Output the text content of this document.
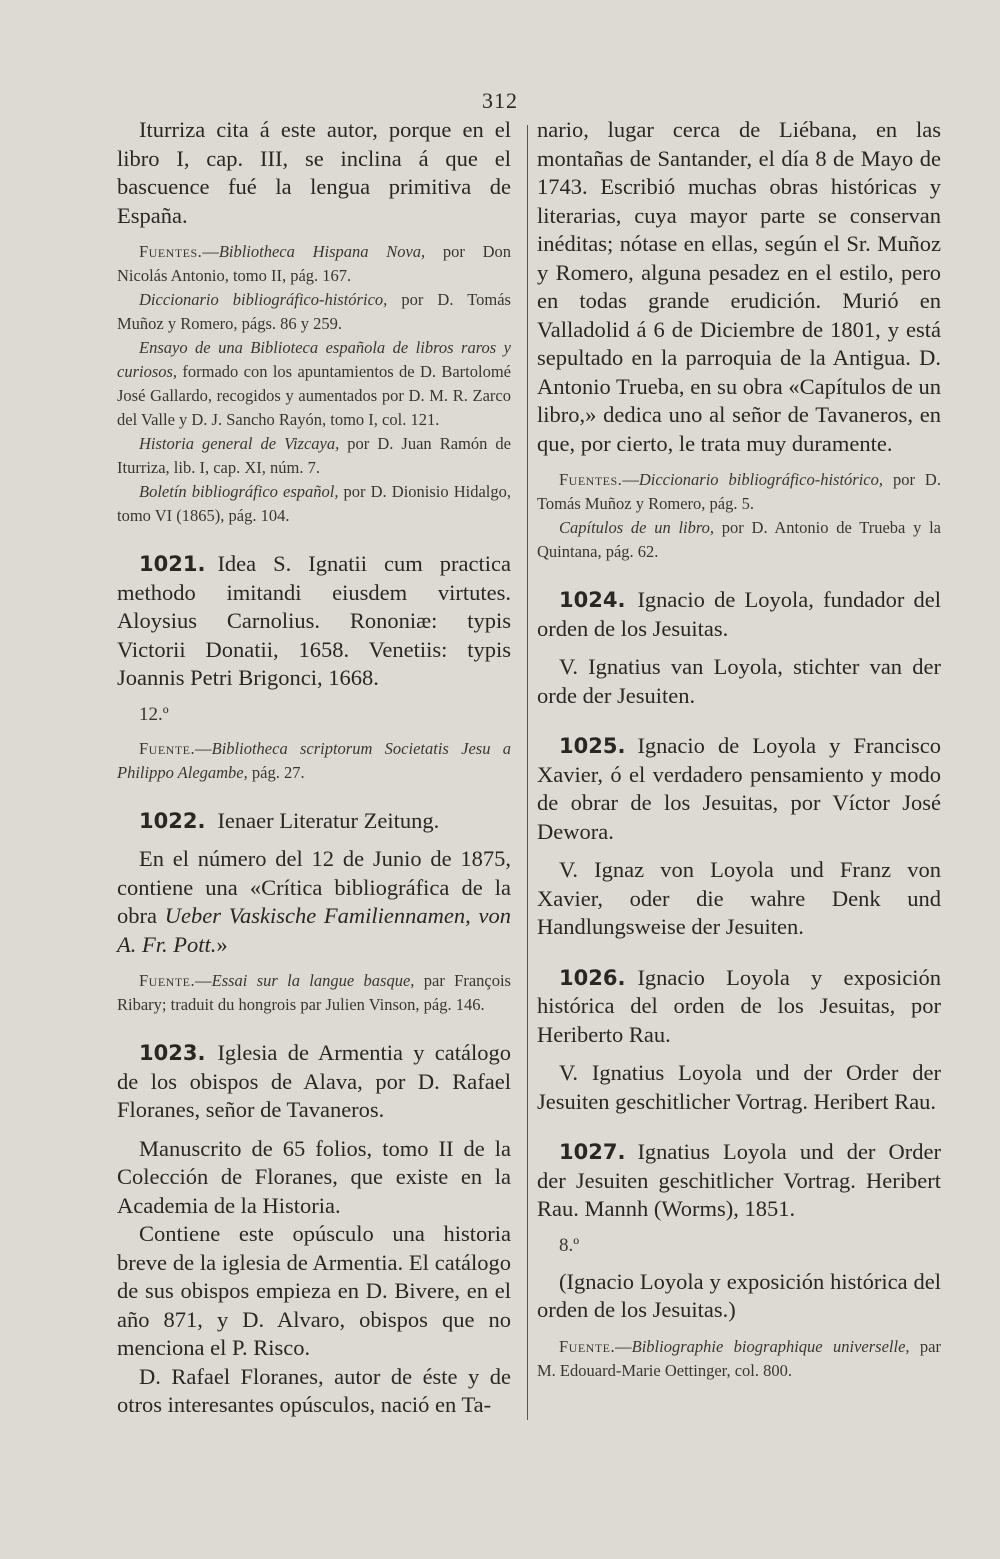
312

Iturriza cita á este autor, porque en el libro I, cap. III, se inclina á que el bascuence fué la lengua primitiva de España.

Fuentes.—Bibliotheca Hispana Nova, por Don Nicolás Antonio, tomo II, pág. 167.

Diccionario bibliográfico-histórico, por D. Tomás Muñoz y Romero, págs. 86 y 259.

Ensayo de una Biblioteca española de libros raros y curiosos, formado con los apuntamientos de D. Bartolomé José Gallardo, recogidos y aumentados por D. M. R. Zarco del Valle y D. J. Sancho Rayón, tomo I, col. 121.

Historia general de Vizcaya, por D. Juan Ramón de Iturriza, lib. I, cap. XI, núm. 7.

Boletín bibliográfico español, por D. Dionisio Hidalgo, tomo VI (1865), pág. 104.

1021. Idea S. Ignatii cum practica methodo imitandi eiusdem virtutes. Aloysius Carnolius. Rononiæ: typis Victorii Donatii, 1658. Venetiis: typis Joannis Petri Brigonci, 1668.

12.º

Fuente.—Bibliotheca scriptorum Societatis Jesu a Philippo Alegambe, pág. 27.

1022. Ienaer Literatur Zeitung.

En el número del 12 de Junio de 1875, contiene una «Crítica bibliográfica de la obra Ueber Vaskische Familiennamen, von A. Fr. Pott.»

Fuente.—Essai sur la langue basque, par François Ribary; traduit du hongrois par Julien Vinson, pág. 146.

1023. Iglesia de Armentia y catálogo de los obispos de Alava, por D. Rafael Floranes, señor de Tavaneros.

Manuscrito de 65 folios, tomo II de la Colección de Floranes, que existe en la Academia de la Historia.

Contiene este opúsculo una historia breve de la iglesia de Armentia. El catálogo de sus obispos empieza en D. Bivere, en el año 871, y D. Alvaro, obispos que no menciona el P. Risco.

D. Rafael Floranes, autor de éste y de otros interesantes opúsculos, nació en Ta-

nario, lugar cerca de Liébana, en las montañas de Santander, el día 8 de Mayo de 1743. Escribió muchas obras históricas y literarias, cuya mayor parte se conservan inéditas; nótase en ellas, según el Sr. Muñoz y Romero, alguna pesadez en el estilo, pero en todas grande erudición. Murió en Valladolid á 6 de Diciembre de 1801, y está sepultado en la parroquia de la Antigua. D. Antonio Trueba, en su obra «Capítulos de un libro,» dedica uno al señor de Tavaneros, en que, por cierto, le trata muy duramente.

Fuentes.—Diccionario bibliográfico-histórico, por D. Tomás Muñoz y Romero, pág. 5.

Capítulos de un libro, por D. Antonio de Trueba y la Quintana, pág. 62.

1024. Ignacio de Loyola, fundador del orden de los Jesuitas.

V. Ignatius van Loyola, stichter van der orde der Jesuiten.

1025. Ignacio de Loyola y Francisco Xavier, ó el verdadero pensamiento y modo de obrar de los Jesuitas, por Víctor José Dewora.

V. Ignaz von Loyola und Franz von Xavier, oder die wahre Denk und Handlungsweise der Jesuiten.

1026. Ignacio Loyola y exposición histórica del orden de los Jesuitas, por Heriberto Rau.

V. Ignatius Loyola und der Order der Jesuiten geschitlicher Vortrag. Heribert Rau.

1027. Ignatius Loyola und der Order der Jesuiten geschitlicher Vortrag. Heribert Rau. Mannh (Worms), 1851.

8.º

(Ignacio Loyola y exposición histórica del orden de los Jesuitas.)

Fuente.—Bibliographie biographique universelle, par M. Edouard-Marie Oettinger, col. 800.
